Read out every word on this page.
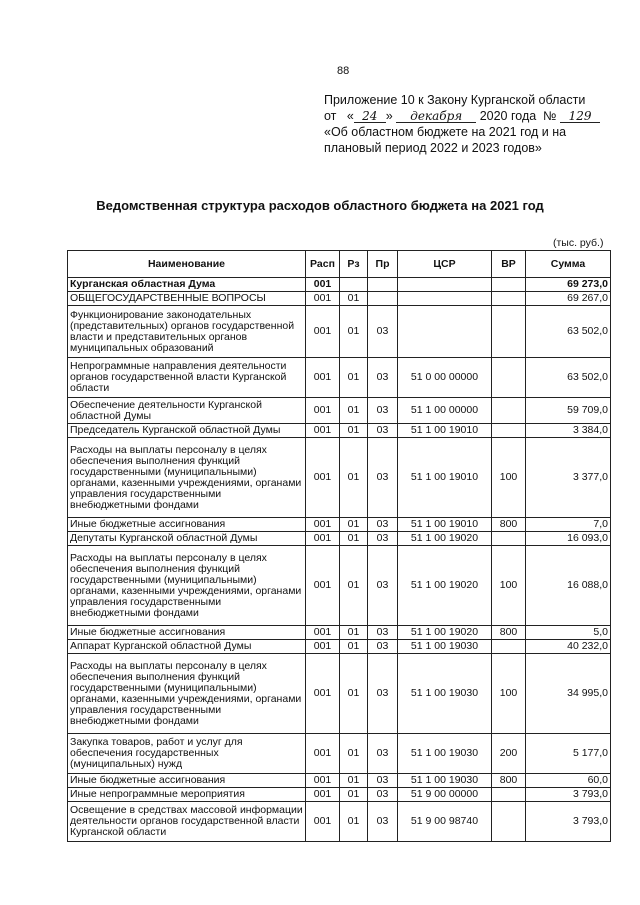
88
Приложение 10 к Закону Курганской области
от « 24 » декабря 2020 года № 129
«Об областном бюджете на 2021 год и на
плановый период 2022 и 2023 годов»
Ведомственная структура расходов областного бюджета на 2021 год
(тыс. руб.)
Наименование	Расп	Рз	Пр	ЦСР	ВР	Сумма
Курганская областная Дума	001					69 273,0
ОБЩЕГОСУДАРСТВЕННЫЕ ВОПРОСЫ	001	01				69 267,0
Функционирование законодательных (представительных) органов государственной власти и представительных органов муниципальных образований	001	01	03			63 502,0
Непрограммные направления деятельности органов государственной власти Курганской области	001	01	03	51 0 00 00000		63 502,0
Обеспечение деятельности Курганской областной Думы	001	01	03	51 1 00 00000		59 709,0
Председатель Курганской областной Думы	001	01	03	51 1 00 19010		3 384,0
Расходы на выплаты персоналу в целях обеспечения выполнения функций государственными (муниципальными) органами, казенными учреждениями, органами управления государственными внебюджетными фондами	001	01	03	51 1 00 19010	100	3 377,0
Иные бюджетные ассигнования	001	01	03	51 1 00 19010	800	7,0
Депутаты Курганской областной Думы	001	01	03	51 1 00 19020		16 093,0
Расходы на выплаты персоналу в целях обеспечения выполнения функций государственными (муниципальными) органами, казенными учреждениями, органами управления государственными внебюджетными фондами	001	01	03	51 1 00 19020	100	16 088,0
Иные бюджетные ассигнования	001	01	03	51 1 00 19020	800	5,0
Аппарат Курганской областной Думы	001	01	03	51 1 00 19030		40 232,0
Расходы на выплаты персоналу в целях обеспечения выполнения функций государственными (муниципальными) органами, казенными учреждениями, органами управления государственными внебюджетными фондами	001	01	03	51 1 00 19030	100	34 995,0
Закупка товаров, работ и услуг для обеспечения государственных (муниципальных) нужд	001	01	03	51 1 00 19030	200	5 177,0
Иные бюджетные ассигнования	001	01	03	51 1 00 19030	800	60,0
Иные непрограммные мероприятия	001	01	03	51 9 00 00000		3 793,0
Освещение в средствах массовой информации деятельности органов государственной власти Курганской области	001	01	03	51 9 00 98740		3 793,0
